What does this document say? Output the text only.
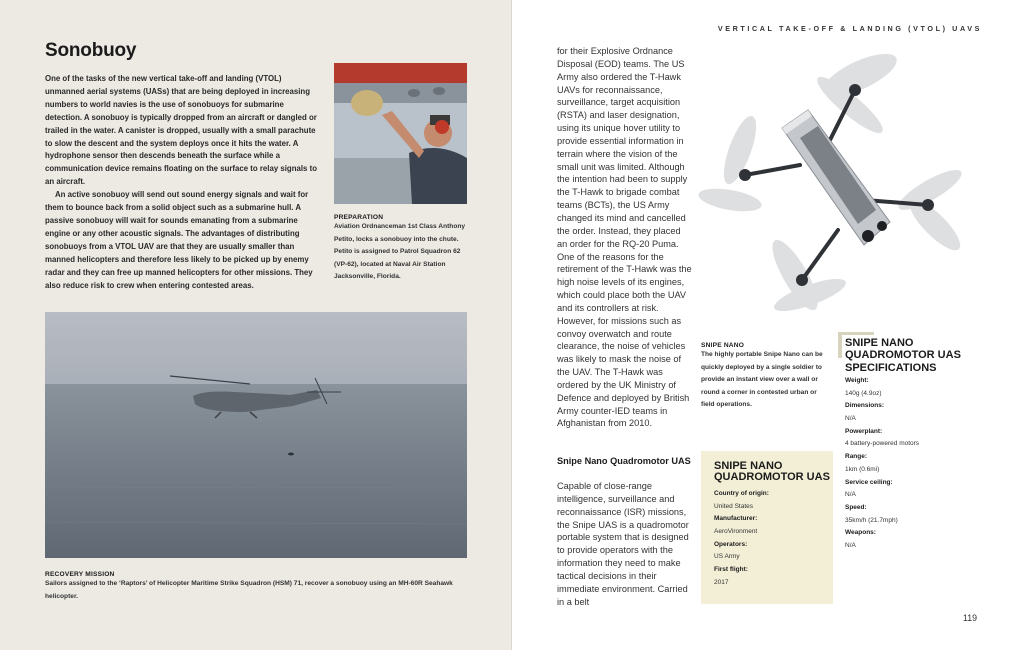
Sonobuoy

One of the tasks of the new vertical take-off and landing (VTOL) unmanned aerial systems (UASs) that are being deployed in increasing numbers to world navies is the use of sonobuoys for submarine detection. A sonobuoy is typically dropped from an aircraft or dangled or trailed in the water. A canister is dropped, usually with a small parachute to slow the descent and the system deploys once it hits the water. A hydrophone sensor then descends beneath the surface while a communication device remains floating on the surface to relay signals to an aircraft.

An active sonobuoy will send out sound energy signals and wait for them to bounce back from a solid object such as a submarine hull. A passive sonobuoy will wait for sounds emanating from a submarine engine or any other acoustic signals. The advantages of distributing sonobuoys from a VTOL UAV are that they are usually smaller than manned helicopters and therefore less likely to be picked up by enemy radar and they can free up manned helicopters for other missions. They also reduce risk to crew when entering contested areas.

PREPARATION
Aviation Ordnanceman 1st Class Anthony Petito, locks a sonobuoy into the chute. Petito is assigned to Patrol Squadron 62 (VP-62), located at Naval Air Station Jacksonville, Florida.
RECOVERY MISSION
Sailors assigned to the ‘Raptors’ of Helicopter Maritime Strike Squadron (HSM) 71, recover a sonobuoy using an MH-60R Seahawk helicopter.
VERTICAL TAKE-OFF & LANDING (VTOL) UAVS
for their Explosive Ordnance Disposal (EOD) teams. The US Army also ordered the T-Hawk UAVs for reconnaissance, surveillance, target acquisition (RSTA) and laser designation, using its unique hover utility to provide essential information in terrain where the vision of the small unit was limited. Although the intention had been to supply the T-Hawk to brigade combat teams (BCTs), the US Army changed its mind and cancelled the order. Instead, they placed an order for the RQ-20 Puma. One of the reasons for the retirement of the T-Hawk was the high noise levels of its engines, which could place both the UAV and its controllers at risk. However, for missions such as convoy overwatch and route clearance, the noise of vehicles was likely to mask the noise of the UAV. The T-Hawk was ordered by the UK Ministry of Defence and deployed by British Army counter-IED teams in Afghanistan from 2010.
Snipe Nano Quadromotor UAS
Capable of close-range intelligence, surveillance and reconnaissance (ISR) missions, the Snipe UAS is a quadromotor portable system that is designed to provide operators with the information they need to make tactical decisions in their immediate environment. Carried in a belt
SNIPE NANO
The highly portable Snipe Nano can be quickly deployed by a single soldier to provide an instant view over a wall or round a corner in contested urban or field operations.
SNIPE NANO QUADROMOTOR UAS
Country of origin:
United States
Manufacturer:
AeroVironment
Operators:
US Army
First flight:
2017
SNIPE NANO QUADROMOTOR UAS SPECIFICATIONS
Weight:
140g (4.9oz)
Dimensions:
N/A
Powerplant:
4 battery-powered motors
Range:
1km (0.6mi)
Service ceiling:
N/A
Speed:
35km/h (21.7mph)
Weapons:
N/A
119
